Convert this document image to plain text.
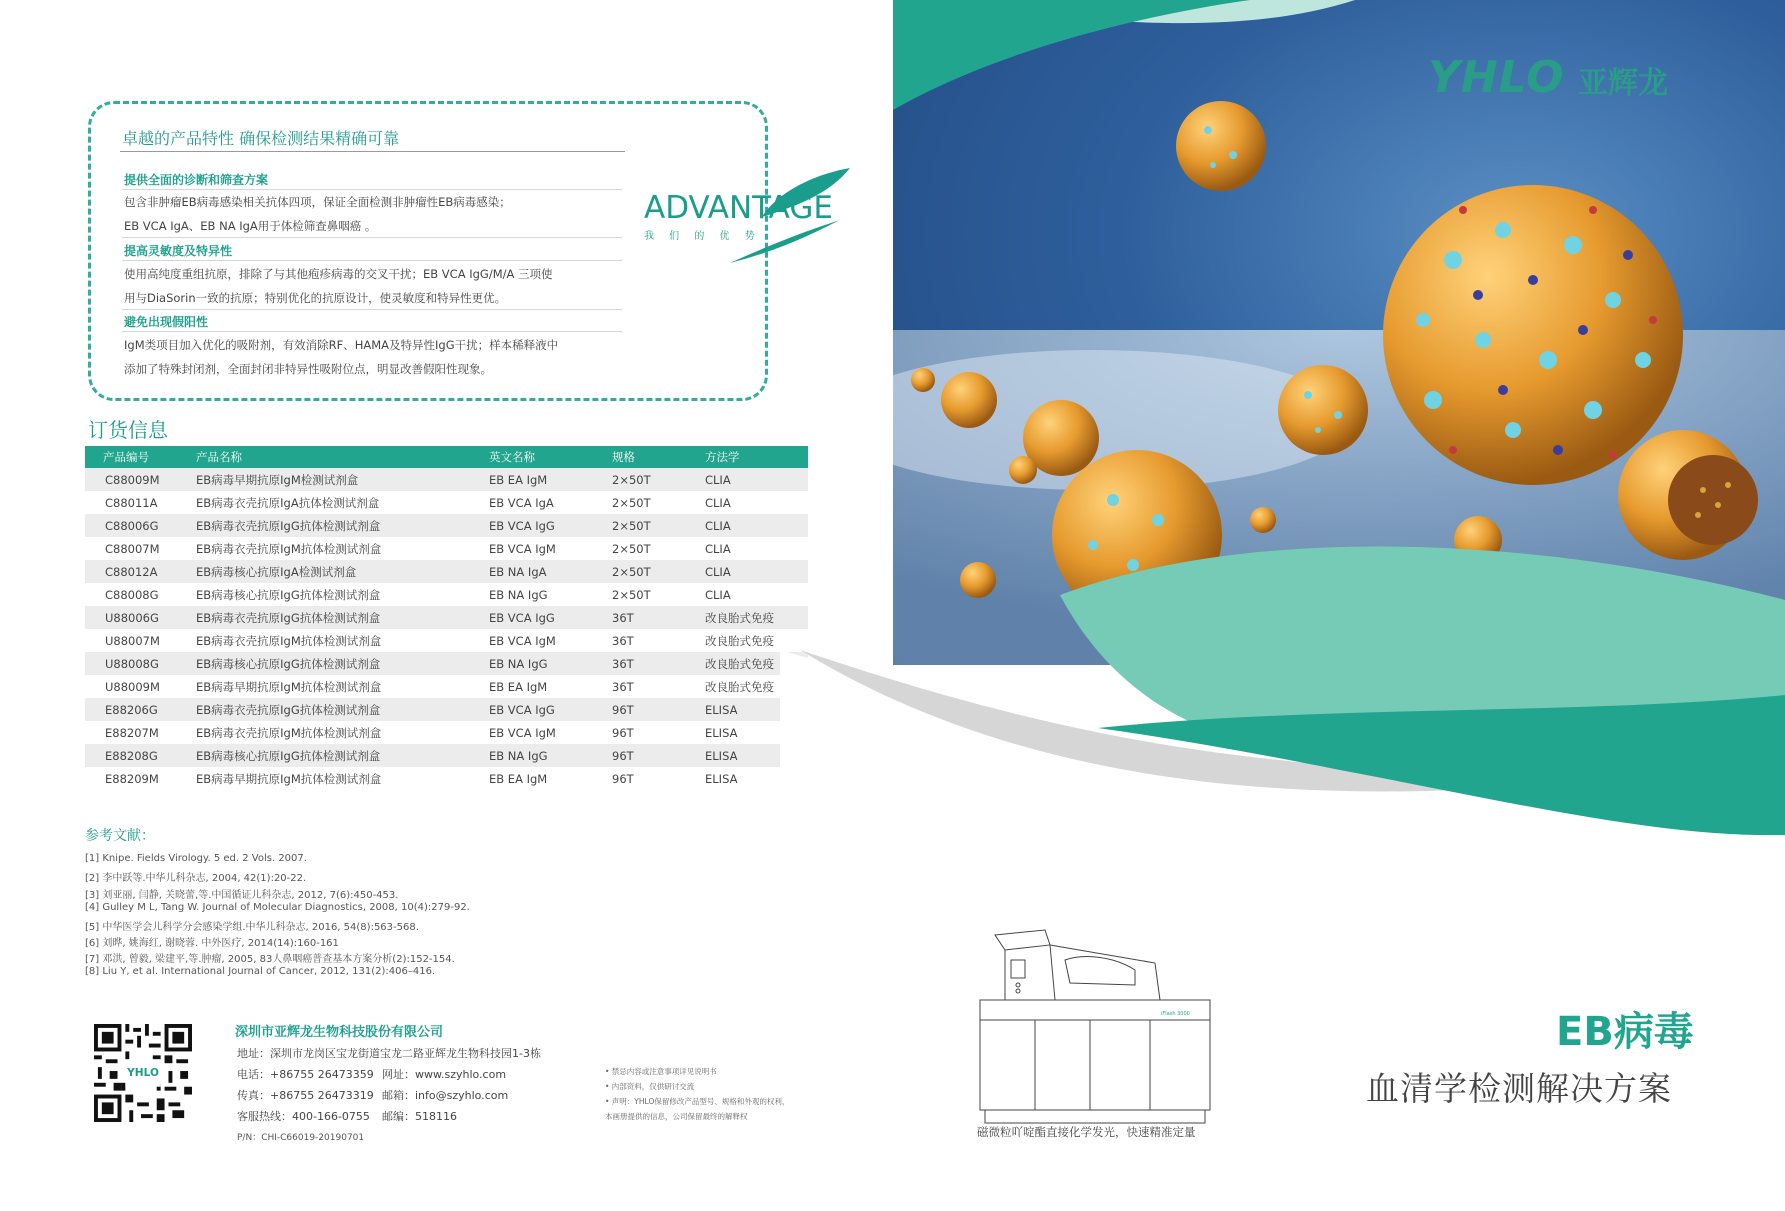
卓越的产品特性 确保检测结果精确可靠
提供全面的诊断和筛查方案
包含非肿瘤EB病毒感染相关抗体四项，保证全面检测非肿瘤性EB病毒感染；
EB VCA IgA、EB NA IgA用于体检筛查鼻咽癌 。
提高灵敏度及特异性
使用高纯度重组抗原，排除了与其他疱疹病毒的交叉干扰；EB VCA IgG/M/A 三项使
用与DiaSorin一致的抗原；特别优化的抗原设计，使灵敏度和特异性更优。
避免出现假阳性
IgM类项目加入优化的吸附剂，有效消除RF、HAMA及特异性IgG干扰；样本稀释液中
添加了特殊封闭剂，全面封闭非特异性吸附位点，明显改善假阳性现象。
ADVANTAGE
我 们 的 优 势
订货信息
产品编号	产品名称	英文名称	规格	方法学
C88009M	EB病毒早期抗原IgM检测试剂盒	EB EA IgM	2×50T	CLIA
C88011A	EB病毒衣壳抗原IgA抗体检测试剂盒	EB VCA IgA	2×50T	CLIA
C88006G	EB病毒衣壳抗原IgG抗体检测试剂盒	EB VCA IgG	2×50T	CLIA
C88007M	EB病毒衣壳抗原IgM抗体检测试剂盒	EB VCA IgM	2×50T	CLIA
C88012A	EB病毒核心抗原IgA检测试剂盒	EB NA IgA	2×50T	CLIA
C88008G	EB病毒核心抗原IgG抗体检测试剂盒	EB NA IgG	2×50T	CLIA
U88006G	EB病毒衣壳抗原IgG抗体检测试剂盒	EB VCA IgG	36T	改良胎式免疫
U88007M	EB病毒衣壳抗原IgM抗体检测试剂盒	EB VCA IgM	36T	改良胎式免疫
U88008G	EB病毒核心抗原IgG抗体检测试剂盒	EB NA IgG	36T	改良胎式免疫
U88009M	EB病毒早期抗原IgM抗体检测试剂盒	EB EA IgM	36T	改良胎式免疫
E88206G	EB病毒衣壳抗原IgG抗体检测试剂盒	EB VCA IgG	96T	ELISA
E88207M	EB病毒衣壳抗原IgM抗体检测试剂盒	EB VCA IgM	96T	ELISA
E88208G	EB病毒核心抗原IgG抗体检测试剂盒	EB NA IgG	96T	ELISA
E88209M	EB病毒早期抗原IgM抗体检测试剂盒	EB EA IgM	96T	ELISA
参考文献：
[1] Knipe. Fields Virology. 5 ed. 2 Vols. 2007.
[2] 李中跃等.中华儿科杂志, 2004, 42(1):20-22.
[3] 刘亚丽, 闫静, 关晓蕾,等.中国循证儿科杂志, 2012, 7(6):450-453.
[4] Gulley M L, Tang W. Journal of Molecular Diagnostics, 2008, 10(4):279-92.
[5] 中华医学会儿科学分会感染学组.中华儿科杂志, 2016, 54(8):563-568.
[6] 刘晔, 姚海红, 谢晓蓉. 中外医疗, 2014(14):160-161
[7] 邓洪, 曾毅, 梁建平,等.肿瘤, 2005, 83人鼻咽癌普查基本方案分析(2):152-154.
[8] Liu Y, et al. International Journal of Cancer, 2012, 131(2):406–416.
YHLO
深圳市亚辉龙生物科技股份有限公司
地址：深圳市龙岗区宝龙街道宝龙二路亚辉龙生物科技园1-3栋
电话：+86755 26473359 网址：www.szyhlo.com
传真：+86755 26473319 邮箱：info@szyhlo.com
客服热线：400-166-0755 邮编：518116
P/N：CHI-C66019-20190701
YHLO 亚辉龙
iFlash 3000
磁微粒吖啶酯直接化学发光，快速精准定量
• 禁忌内容或注意事项详见说明书
• 内部资料，仅供研讨交流
• 声明：YHLO保留修改产品型号、规格和外观的权利，
本画册提供的信息，公司保留最终的解释权
EB病毒
血清学检测解决方案
